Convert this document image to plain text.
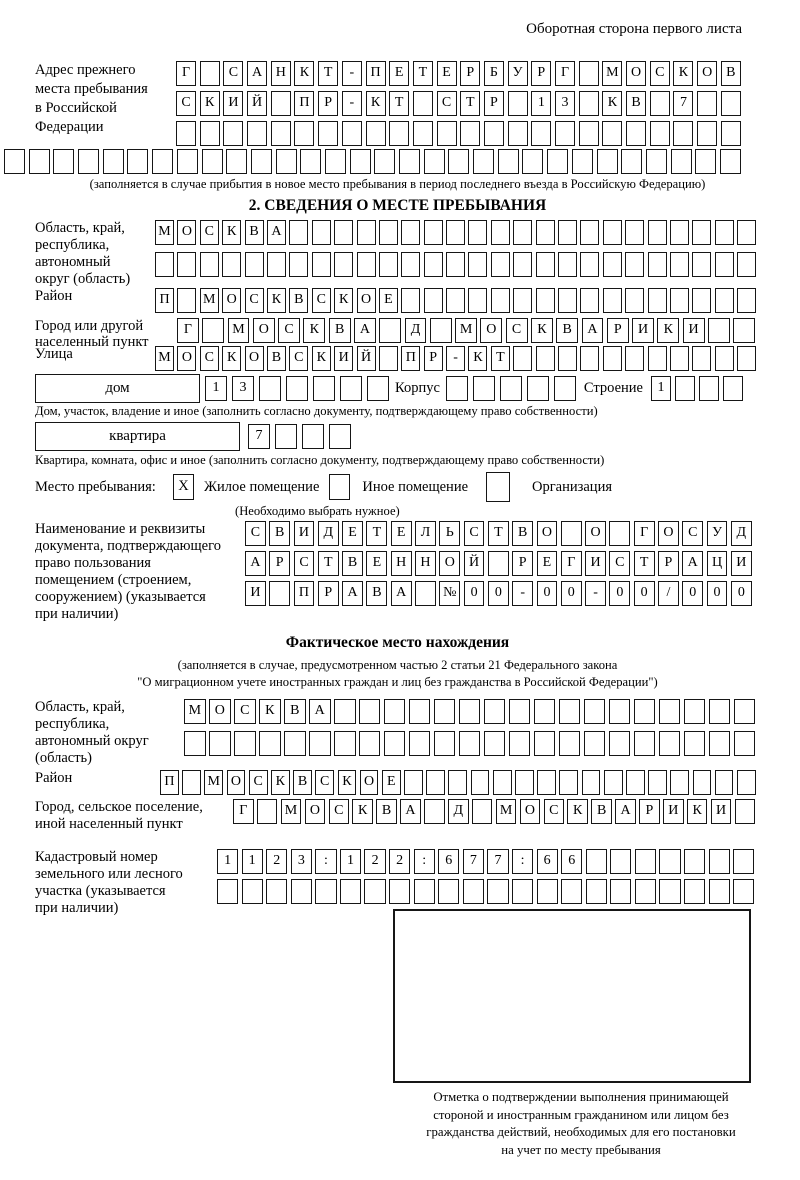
Оборотная сторона первого листа
Адрес прежнего
места пребывания
в Российской
Федерации
Г	С А Н К	Т	-	П	Е	Т	Е	Р	Б	У	Р	Г	М О С	К О В
С	К И Й	П	Р	-	К	Т	С	Т	Р	1	3	К	В	7
(заполняется в случае прибытия в новое место пребывания в период последнего въезда в Российскую Федерацию)
2. СВЕДЕНИЯ О МЕСТЕ ПРЕБЫВАНИЯ
Область, край,
республика,
автономный
округ (область)
М О С К В А
Район	П	М О С К В С К О Е
Город или другой
населенный пункт
Г	М О	С	К	В	А	Д	М О	С	К	В	А	Р	И	К	И
Улица	М О С К О В С К И Й	П Р	-	К Т
дом	1	3	Корпус	Строение	1
Дом, участок, владение и иное (заполнить согласно документу, подтверждающему право собственности)
квартира	7
Квартира, комната, офис и иное (заполнить согласно документу, подтверждающему право собственности)
Место пребывания:	X	Жилое помещение	Иное помещение	Организация
(Необходимо выбрать нужное)
Наименование и реквизиты
документа, подтверждающего
право пользования
помещением (строением,
сооружением) (указывается
при наличии)
С	В	И	Д	Е	Т	Е	Л	Ь	С	Т	В	О	О	Г	О	С	У	Д
А	Р	С	Т	В	Е	Н	Н	О	Й	Р	Е	Г	И	С	Т	Р	А	Ц	И
И	П	Р	А	В	А	№	0	0	-	0	0	-	0	0	/	0	0	0
Фактическое место нахождения
(заполняется в случае, предусмотренном частью 2 статьи 21 Федерального закона
"О миграционном учете иностранных граждан и лиц без гражданства в Российской Федерации")
Область, край,
республика,
автономный округ
(область)
М О	С	К	В	А
Район	П	М О С К В С К О Е
Город, сельское поселение,
иной населенный пункт
Г	М О	С	К	В	А	Д	М О	С	К	В	А	Р	И	К	И
Кадастровый номер
земельного или лесного
участка (указывается
при наличии)
1	1	2	3	:	1	2	2	:	6	7	7	:	6	6
Отметка о подтверждении выполнения принимающей
стороной и иностранным гражданином или лицом без
гражданства действий, необходимых для его постановки
на учет по месту пребывания
